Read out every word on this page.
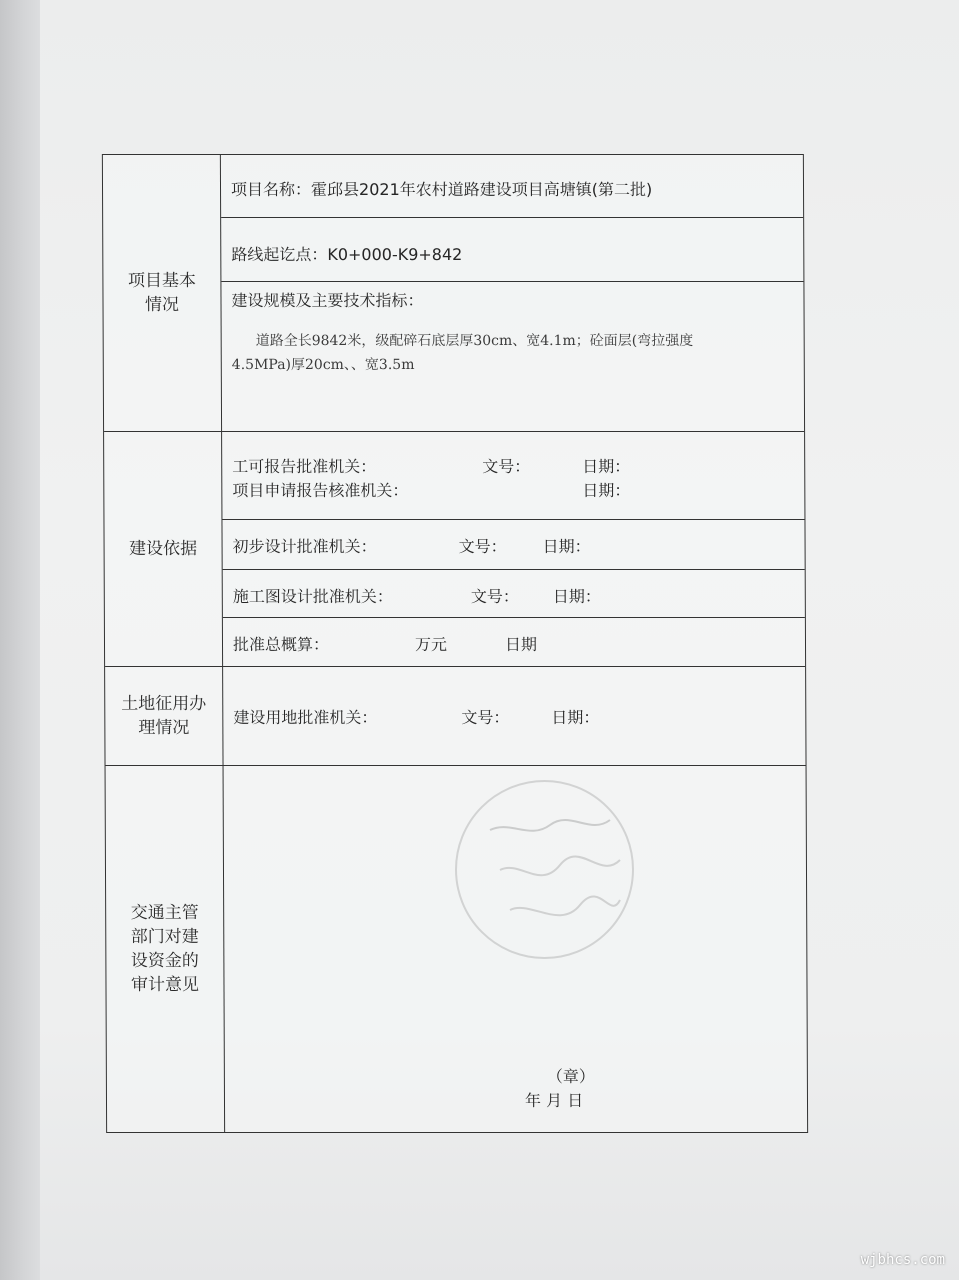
项目基本情况
项目名称：霍邱县2021年农村道路建设项目高塘镇(第二批)
路线起讫点：K0+000-K9+842
建设规模及主要技术指标：
道路全长9842米，级配碎石底层厚30cm、宽4.1m；砼面层(弯拉强度
4.5MPa)厚20cm、、宽3.5m
建设依据
工可报告批准机关：	文号：	日期：
项目申请报告核准机关：	日期：
初步设计批准机关：	文号： 日期：
施工图设计批准机关：	文号： 日期：
批准总概算：	万元	日期
土地征用办理情况
建设用地批准机关：	文号：	日期：
交通主管部门对建设资金的审计意见
（章）
年 月 日
wjbhcs.com
